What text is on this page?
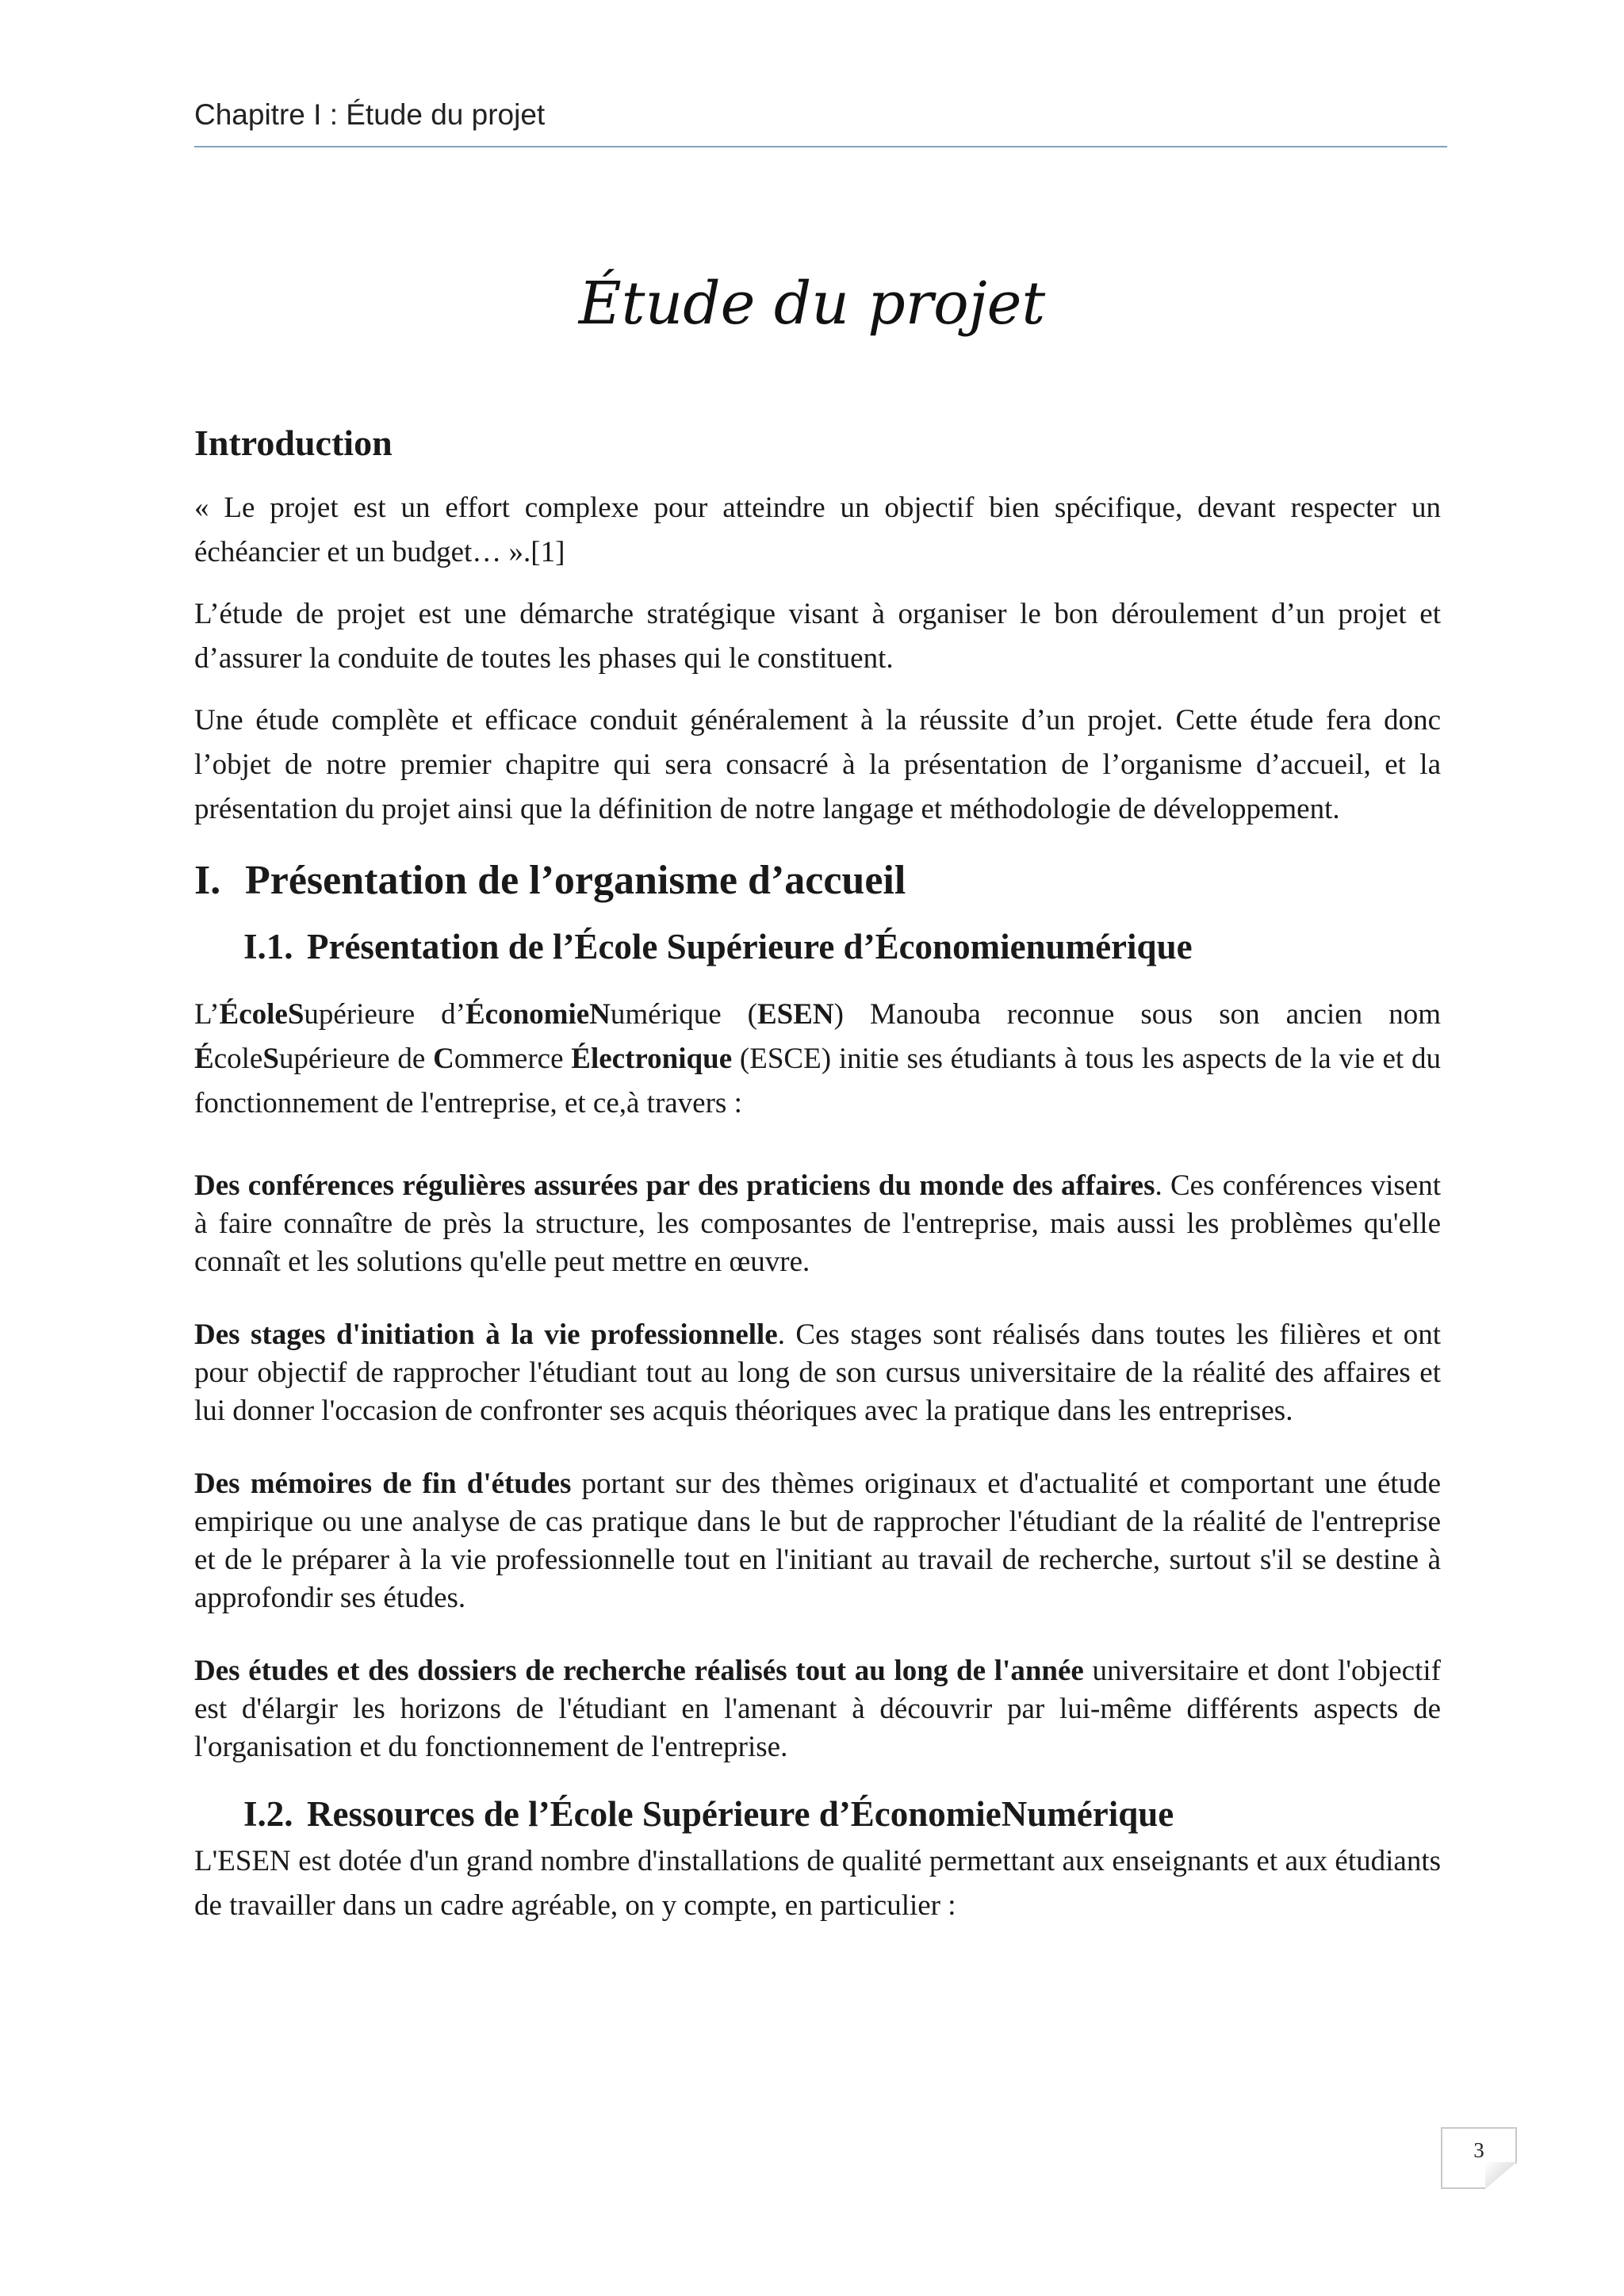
Chapitre I : Étude du projet
Étude du projet
Introduction

« Le projet est un effort complexe pour atteindre un objectif bien spécifique, devant respecter un échéancier et un budget… ».[1]

L’étude de projet est une démarche stratégique visant à organiser le bon déroulement d’un projet et d’assurer la conduite de toutes les phases qui le constituent.

Une étude complète et efficace conduit généralement à la réussite d’un projet. Cette étude fera donc l’objet de notre premier chapitre qui sera consacré à la présentation de l’organisme d’accueil, et la présentation du projet ainsi que la définition de notre langage et méthodologie de développement.

I. Présentation de l’organisme d’accueil
I.1. Présentation de l’École Supérieure d’Économienumérique

L’ÉcoleSupérieure d’ÉconomieNumérique (ESEN) Manouba reconnue sous son ancien nom ÉcoleSupérieure de Commerce Électronique (ESCE) initie ses étudiants à tous les aspects de la vie et du fonctionnement de l'entreprise, et ce,à travers :

Des conférences régulières assurées par des praticiens du monde des affaires. Ces conférences visent à faire connaître de près la structure, les composantes de l'entreprise, mais aussi les problèmes qu'elle connaît et les solutions qu'elle peut mettre en œuvre.

Des stages d'initiation à la vie professionnelle. Ces stages sont réalisés dans toutes les filières et ont pour objectif de rapprocher l'étudiant tout au long de son cursus universitaire de la réalité des affaires et lui donner l'occasion de confronter ses acquis théoriques avec la pratique dans les entreprises.

Des mémoires de fin d'études portant sur des thèmes originaux et d'actualité et comportant une étude empirique ou une analyse de cas pratique dans le but de rapprocher l'étudiant de la réalité de l'entreprise et de le préparer à la vie professionnelle tout en l'initiant au travail de recherche, surtout s'il se destine à approfondir ses études.

Des études et des dossiers de recherche réalisés tout au long de l'année universitaire et dont l'objectif est d'élargir les horizons de l'étudiant en l'amenant à découvrir par lui-même différents aspects de l'organisation et du fonctionnement de l'entreprise.

I.2. Ressources de l’École Supérieure d’ÉconomieNumérique

L'ESEN est dotée d'un grand nombre d'installations de qualité permettant aux enseignants et aux étudiants de travailler dans un cadre agréable, on y compte, en particulier :

3
